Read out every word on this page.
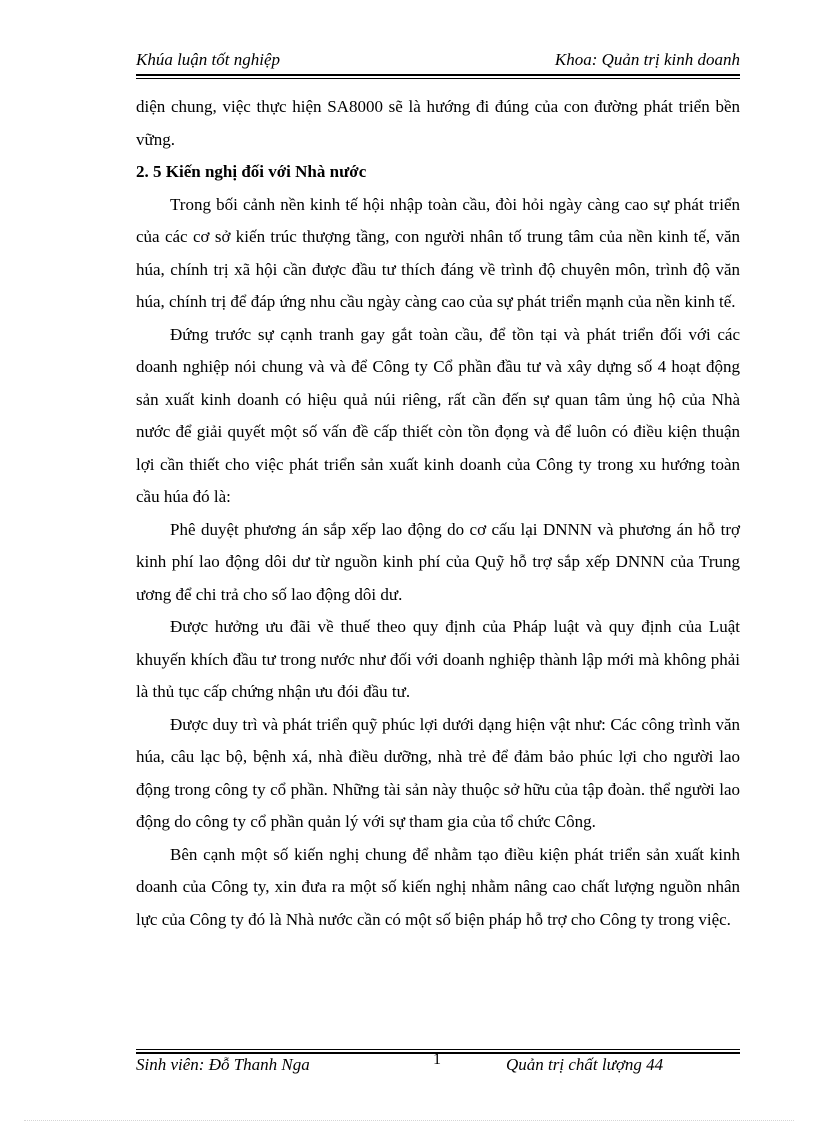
Khúa luận tốt nghiệp	Khoa: Quản trị kinh doanh

diện chung, việc thực hiện SA8000 sẽ là hướng đi đúng của con đường phát triển bền vững.

2. 5 Kiến nghị đối với Nhà nước

Trong bối cảnh nền kinh tế hội nhập toàn cầu, đòi hỏi ngày càng cao sự phát triển của các cơ sở kiến trúc thượng tầng, con người nhân tố trung tâm của nền kinh tế, văn húa, chính trị xã hội cần được đầu tư thích đáng về trình độ chuyên môn, trình độ văn húa, chính trị để đáp ứng nhu cầu ngày càng cao của sự phát triển mạnh của nền kinh tế.

Đứng trước sự cạnh tranh gay gắt toàn cầu, để tồn tại và phát triển đối với các doanh nghiệp nói chung và và để Công ty Cổ phần đầu tư và xây dựng số 4 hoạt động sản xuất kinh doanh có hiệu quả núi riêng, rất cần đến sự quan tâm ủng hộ của Nhà nước để giải quyết một số vấn đề cấp thiết còn tồn đọng và để luôn có điều kiện thuận lợi cần thiết cho việc phát triển sản xuất kinh doanh của Công ty trong xu hướng toàn cầu húa đó là:

Phê duyệt phương án sắp xếp lao động do cơ cấu lại DNNN và phương án hỗ trợ kinh phí lao động dôi dư từ nguồn kinh phí của Quỹ hỗ trợ sắp xếp DNNN của Trung ương để chi trả cho số lao động dôi dư.

Được hưởng ưu đãi về thuế theo quy định của Pháp luật và quy định của Luật khuyến khích đầu tư trong nước như đối với doanh nghiệp thành lập mới mà không phải là thủ tục cấp chứng nhận ưu đói đầu tư.

Được duy trì và phát triển quỹ phúc lợi dưới dạng hiện vật như: Các công trình văn húa, câu lạc bộ, bệnh xá, nhà điều dưỡng, nhà trẻ để đảm bảo phúc lợi cho người lao động trong công ty cổ phần. Những tài sản này thuộc sở hữu của tập đoàn. thể người lao động do công ty cổ phần quản lý với sự tham gia của tổ chức Công.

Bên cạnh một số kiến nghị chung để nhằm tạo điều kiện phát triển sản xuất kinh doanh của Công ty, xin đưa ra một số kiến nghị nhằm nâng cao chất lượng nguồn nhân lực của Công ty đó là Nhà nước cần có một số biện pháp hỗ trợ cho Công ty trong việc.

Sinh viên: Đỗ Thanh Nga	1	Quản trị chất lượng 44
